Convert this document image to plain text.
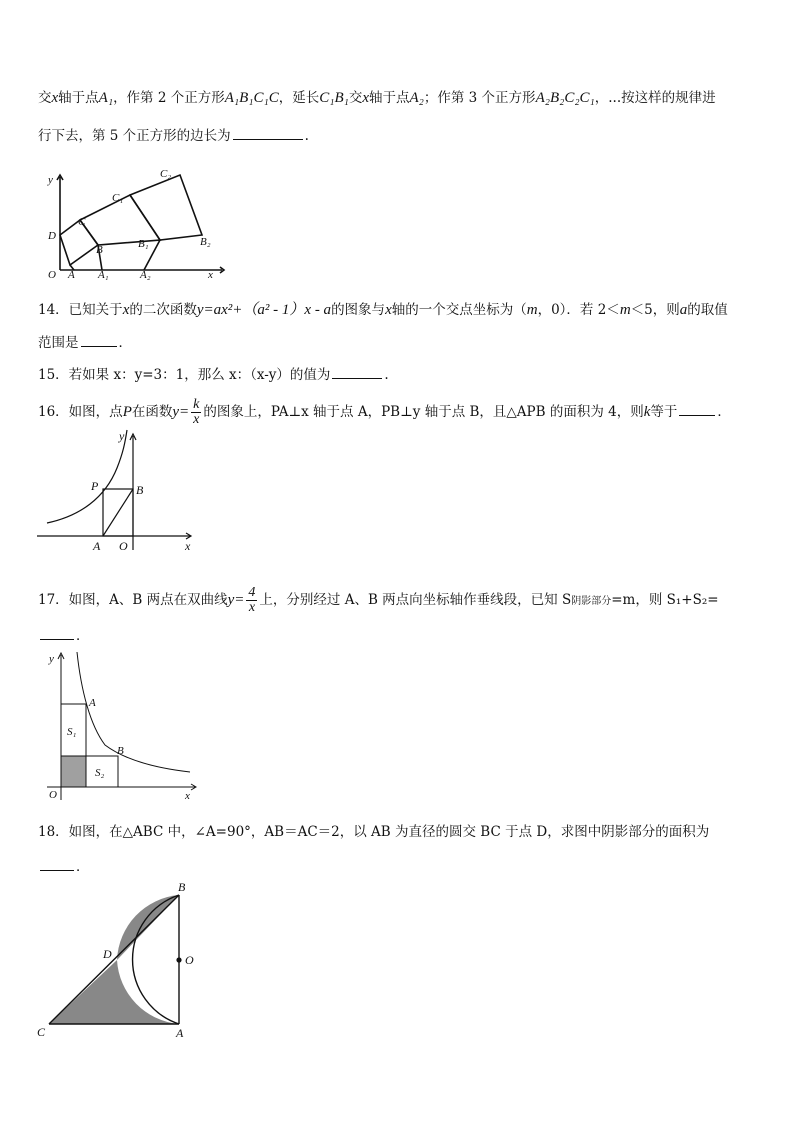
交x轴于点A₁，作第 2 个正方形A₁B₁C₁C，延长C₁B₁交x轴于点A₂；作第 3 个正方形A₂B₂C₂C₁，...按这样的规律进
行下去，第 5 个正方形的边长为	.
y	C₂
C₁
C
D
B	B₁	B₂
O A A₁	A₂	x
14．已知关于x的二次函数y=ax²+（a² - 1）x - a的图象与x轴的一个交点坐标为（m，0）．若 2＜m＜5，则a的取值
范围是	．
15．若如果 x：y=3：1，那么 x：（x-y）的值为	.
16．如图，点P在函数$y= \frac{k}{x}$ 的图象上，PA⊥x 轴于点 A，PB⊥y 轴于点 B，且△APB 的面积为 4，则k等于	．
y
P	B
A O	x
17．如图，A、B 两点在双曲线$y= \frac{4}{x}$ 上，分别经过 A、B 两点向坐标轴作垂线段，已知 S阴影部分=m，则 S₁+S₂=
．
y
A
S₁
B
S₂
O	x
18．如图，在△ABC 中，∠A=90°，AB＝AC＝2，以 AB 为直径的圆交 BC 于点 D，求图中阴影部分的面积为
．
B
O
D
C	A
